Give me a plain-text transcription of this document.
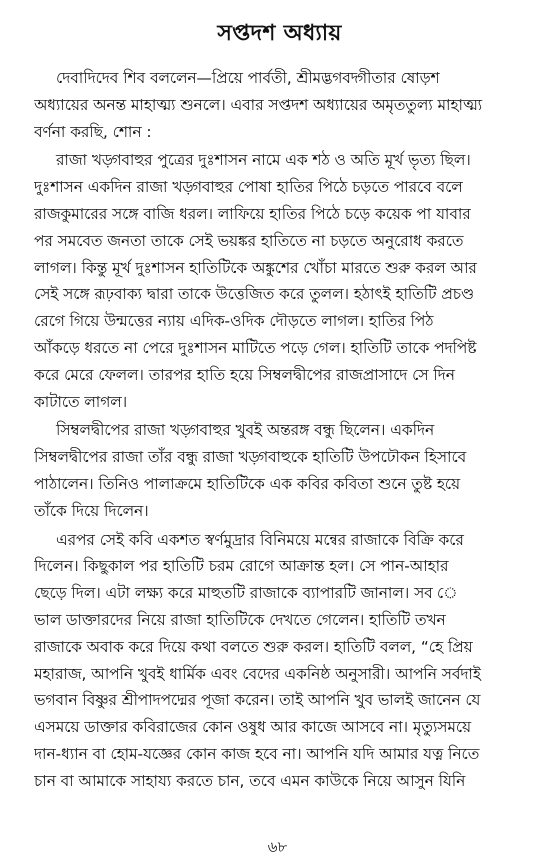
সপ্তদশ অধ্যায়
দেবাদিদেব শিব বললেন—প্রিয়ে পার্বতী, শ্রীমদ্ভগবদ্গীতার ষোড়শ
অধ্যায়ের অনন্ত মাহাত্ম্য শুনলে। এবার সপ্তদশ অধ্যায়ের অমৃততুল্য মাহাত্ম্য
বর্ণনা করছি, শোন :
রাজা খড়্গবাহুর পুত্রের দুঃশাসন নামে এক শঠ ও অতি মূর্খ ভৃত্য ছিল।
দুঃশাসন একদিন রাজা খড়্গবাহুর পোষা হাতির পিঠে চড়তে পারবে বলে
রাজকুমারের সঙ্গে বাজি ধরল। লাফিয়ে হাতির পিঠে চড়ে কয়েক পা যাবার
পর সমবেত জনতা তাকে সেই ভয়ঙ্কর হাতিতে না চড়তে অনুরোধ করতে
লাগল। কিন্তু মূর্খ দুঃশাসন হাতিটিকে অঙ্কুশের খোঁচা মারতে শুরু করল আর
সেই সঙ্গে রূঢ়বাক্য দ্বারা তাকে উত্তেজিত করে তুলল। হঠাৎই হাতিটি প্রচণ্ড
রেগে গিয়ে উন্মত্তের ন্যায় এদিক-ওদিক দৌড়তে লাগল। হাতির পিঠ
আঁকড়ে ধরতে না পেরে দুঃশাসন মাটিতে পড়ে গেল। হাতিটি তাকে পদপিষ্ট
করে মেরে ফেলল। তারপর হাতি হয়ে সিম্বলদ্বীপের রাজপ্রাসাদে সে দিন
কাটাতে লাগল।
সিম্বলদ্বীপের রাজা খড়্গবাহুর খুবই অন্তরঙ্গ বন্ধু ছিলেন। একদিন
সিম্বলদ্বীপের রাজা তাঁর বন্ধু রাজা খড়্গবাহুকে হাতিটি উপঢৌকন হিসাবে
পাঠালেন। তিনিও পালাক্রমে হাতিটিকে এক কবির কবিতা শুনে তুষ্ট হয়ে
তাঁকে দিয়ে দিলেন।
এরপর সেই কবি একশত স্বর্ণমুদ্রার বিনিময়ে মন্বের রাজাকে বিক্রি করে
দিলেন। কিছুকাল পর হাতিটি চরম রোগে আক্রান্ত হল। সে পান-আহার
ছেড়ে দিল। এটা লক্ষ্য করে মাহুতটি রাজাকে ব্যাপারটি জানাল। সব ে
ভাল ডাক্তারদের নিয়ে রাজা হাতিটিকে দেখতে গেলেন। হাতিটি তখন
রাজাকে অবাক করে দিয়ে কথা বলতে শুরু করল। হাতিটি বলল, “হে প্রিয়
মহারাজ, আপনি খুবই ধার্মিক এবং বেদের একনিষ্ঠ অনুসারী। আপনি সর্বদাই
ভগবান বিষ্ণুর শ্রীপাদপদ্মের পূজা করেন। তাই আপনি খুব ভালই জানেন যে
এসময়ে ডাক্তার কবিরাজের কোন ওষুধ আর কাজে আসবে না। মৃত্যুসময়ে
দান-ধ্যান বা হোম-যজ্ঞের কোন কাজ হবে না। আপনি যদি আমার যত্ন নিতে
চান বা আমাকে সাহায্য করতে চান, তবে এমন কাউকে নিয়ে আসুন যিনি
৬৮
